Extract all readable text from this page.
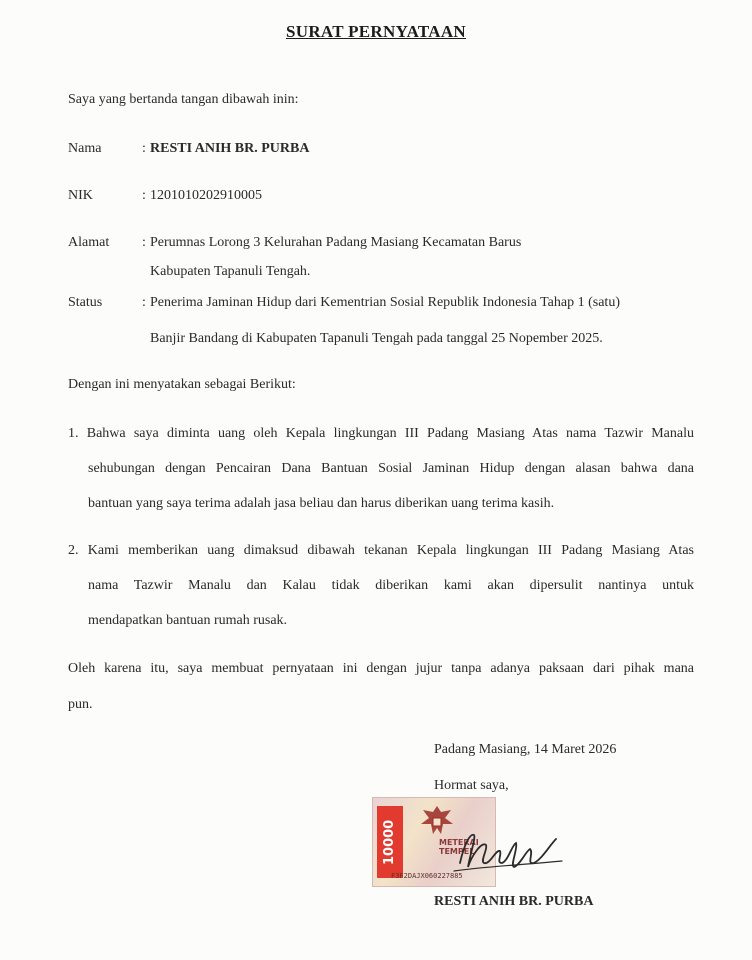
SURAT PERNYATAAN
Saya yang bertanda tangan dibawah inin:
Nama	: RESTI ANIH BR. PURBA
NIK	: 1201010202910005
Alamat : Perumnas Lorong 3 Kelurahan Padang Masiang Kecamatan Barus
Kabupaten Tapanuli Tengah.
Status	: Penerima Jaminan Hidup dari Kementrian Sosial Republik Indonesia Tahap 1 (satu)
Banjir Bandang di Kabupaten Tapanuli Tengah pada tanggal 25 Nopember 2025.
Dengan ini menyatakan sebagai Berikut:
1. Bahwa saya diminta uang oleh Kepala lingkungan III Padang Masiang Atas nama Tazwir Manalu
sehubungan dengan Pencairan Dana Bantuan Sosial Jaminan Hidup dengan alasan bahwa dana
bantuan yang saya terima adalah jasa beliau dan harus diberikan uang terima kasih.
2. Kami memberikan uang dimaksud dibawah tekanan Kepala lingkungan III Padang Masiang Atas
nama Tazwir Manalu dan Kalau tidak diberikan kami akan dipersulit nantinya untuk
mendapatkan bantuan rumah rusak.
Oleh karena itu, saya membuat pernyataan ini dengan jujur tanpa adanya paksaan dari pihak mana
pun.
Padang Masiang, 14 Maret 2026
Hormat saya,
10000	METERAI
TEMPEL
F3F2DAJX060227885
RESTI ANIH BR. PURBA
